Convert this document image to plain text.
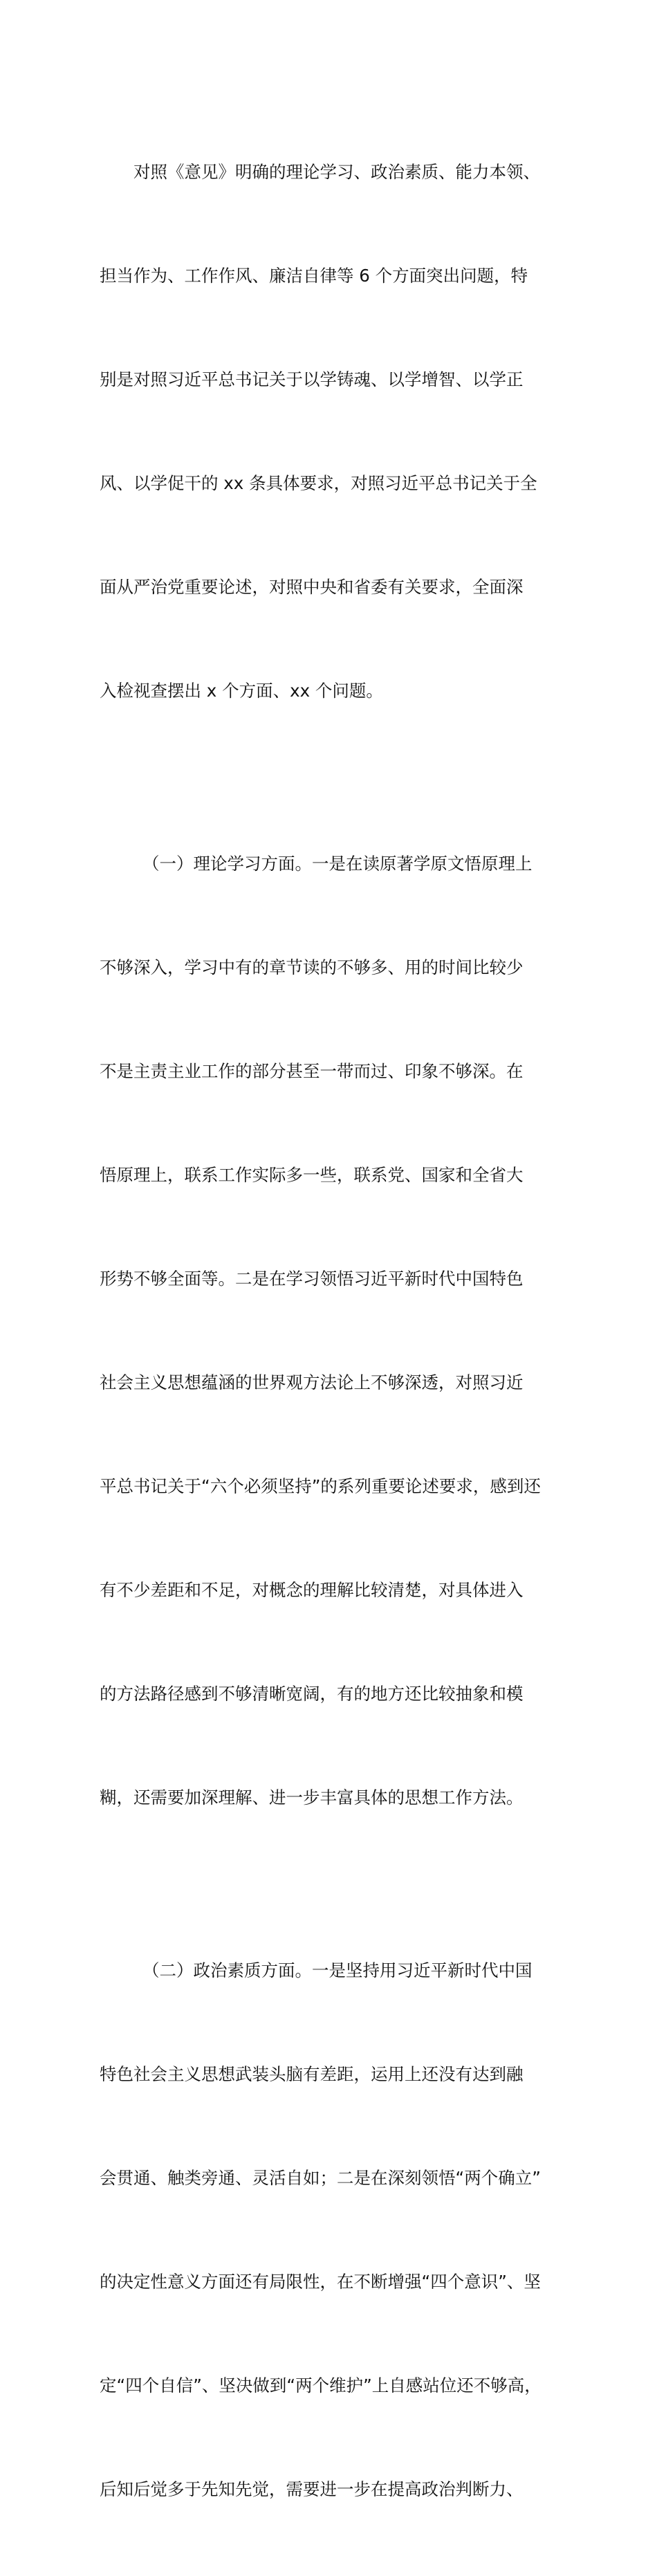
对照《意见》明确的理论学习、政治素质、能力本领、

担当作为、工作作风、廉洁自律等 6 个方面突出问题，特

别是对照习近平总书记关于以学铸魂、以学增智、以学正

风、以学促干的 xx 条具体要求，对照习近平总书记关于全

面从严治党重要论述，对照中央和省委有关要求，全面深

入检视查摆出 x 个方面、xx 个问题。

（一）理论学习方面。一是在读原著学原文悟原理上

不够深入，学习中有的章节读的不够多、用的时间比较少

不是主责主业工作的部分甚至一带而过、印象不够深。在

悟原理上，联系工作实际多一些，联系党、国家和全省大

形势不够全面等。二是在学习领悟习近平新时代中国特色

社会主义思想蕴涵的世界观方法论上不够深透，对照习近

平总书记关于“六个必须坚持”的系列重要论述要求，感到还

有不少差距和不足，对概念的理解比较清楚，对具体进入

的方法路径感到不够清晰宽阔，有的地方还比较抽象和模

糊，还需要加深理解、进一步丰富具体的思想工作方法。

（二）政治素质方面。一是坚持用习近平新时代中国

特色社会主义思想武装头脑有差距，运用上还没有达到融

会贯通、触类旁通、灵活自如；二是在深刻领悟“两个确立”

的决定性意义方面还有局限性，在不断增强“四个意识”、坚

定“四个自信”、坚决做到“两个维护”上自感站位还不够高，

后知后觉多于先知先觉，需要进一步在提高政治判断力、
